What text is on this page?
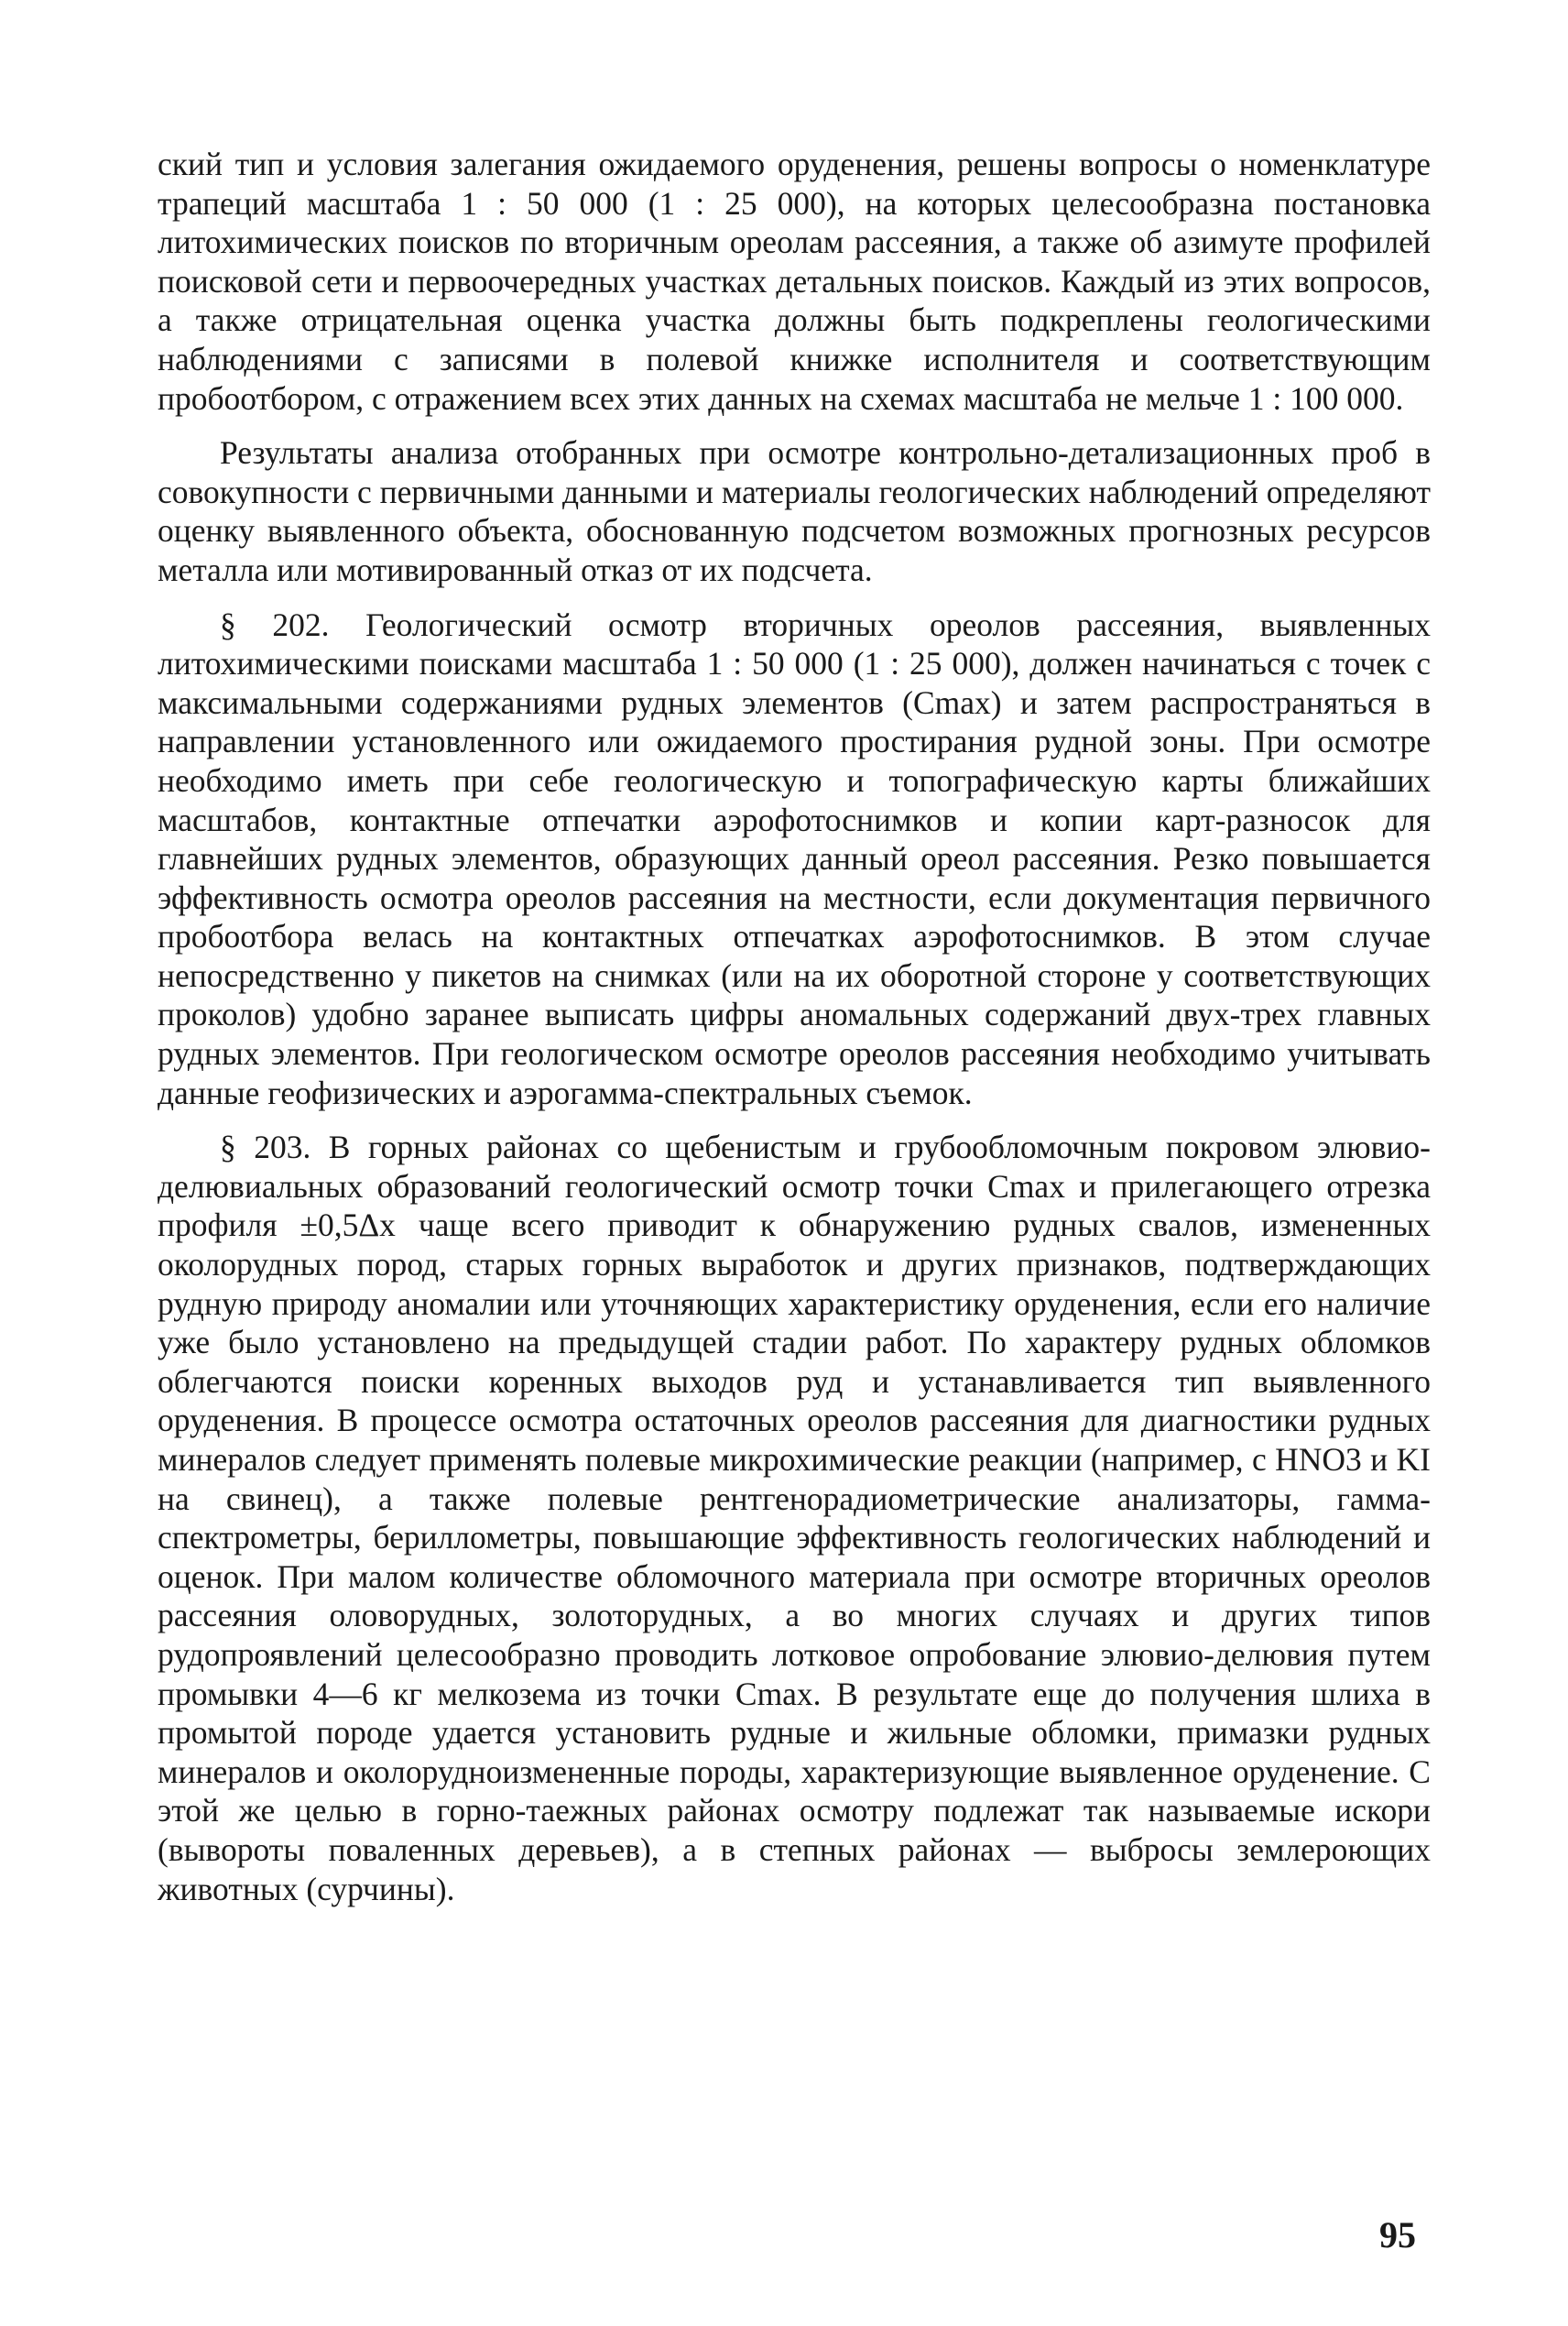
ский тип и условия залегания ожидаемого оруденения, решены вопросы о номенклатуре трапеций масштаба 1 : 50 000 (1 : 25 000), на которых целесообразна постановка литохимических поисков по вторичным ореолам рассеяния, а также об азимуте профилей поисковой сети и первоочередных участках детальных поисков. Каждый из этих вопросов, а также отрицательная оценка участка должны быть подкреплены геологическими наблюдениями с записями в полевой книжке исполнителя и соответствующим пробоотбором, с отражением всех этих данных на схемах масштаба не мельче 1 : 100 000.

Результаты анализа отобранных при осмотре контрольно-детализационных проб в совокупности с первичными данными и материалы геологических наблюдений определяют оценку выявленного объекта, обоснованную подсчетом возможных прогнозных ресурсов металла или мотивированный отказ от их подсчета.

§ 202. Геологический осмотр вторичных ореолов рассеяния, выявленных литохимическими поисками масштаба 1 : 50 000 (1 : 25 000), должен начинаться с точек с максимальными содержаниями рудных элементов (Cmax) и затем распространяться в направлении установленного или ожидаемого простирания рудной зоны. При осмотре необходимо иметь при себе геологическую и топографическую карты ближайших масштабов, контактные отпечатки аэрофотоснимков и копии карт-разносок для главнейших рудных элементов, образующих данный ореол рассеяния. Резко повышается эффективность осмотра ореолов рассеяния на местности, если документация первичного пробоотбора велась на контактных отпечатках аэрофотоснимков. В этом случае непосредственно у пикетов на снимках (или на их оборотной стороне у соответствующих проколов) удобно заранее выписать цифры аномальных содержаний двух-трех главных рудных элементов. При геологическом осмотре ореолов рассеяния необходимо учитывать данные геофизических и аэрогамма-спектральных съемок.

§ 203. В горных районах со щебенистым и грубообломочным покровом элювио-делювиальных образований геологический осмотр точки Cmax и прилегающего отрезка профиля ±0,5Δx чаще всего приводит к обнаружению рудных свалов, измененных околорудных пород, старых горных выработок и других признаков, подтверждающих рудную природу аномалии или уточняющих характеристику оруденения, если его наличие уже было установлено на предыдущей стадии работ. По характеру рудных обломков облегчаются поиски коренных выходов руд и устанавливается тип выявленного оруденения. В процессе осмотра остаточных ореолов рассеяния для диагностики рудных минералов следует применять полевые микрохимические реакции (например, с HNO3 и KI на свинец), а также полевые рентгенорадиометрические анализаторы, гамма-спектрометры, бериллометры, повышающие эффективность геологических наблюдений и оценок. При малом количестве обломочного материала при осмотре вторичных ореолов рассеяния оловорудных, золоторудных, а во многих случаях и других типов рудопроявлений целесообразно проводить лотковое опробование элювио-делювия путем промывки 4—6 кг мелкозема из точки Cmax. В результате еще до получения шлиха в промытой породе удается установить рудные и жильные обломки, примазки рудных минералов и околорудноизмененные породы, характеризующие выявленное оруденение. С этой же целью в горно-таежных районах осмотру подлежат так называемые искори (вывороты поваленных деревьев), а в степных районах — выбросы землероющих животных (сурчины).

95
